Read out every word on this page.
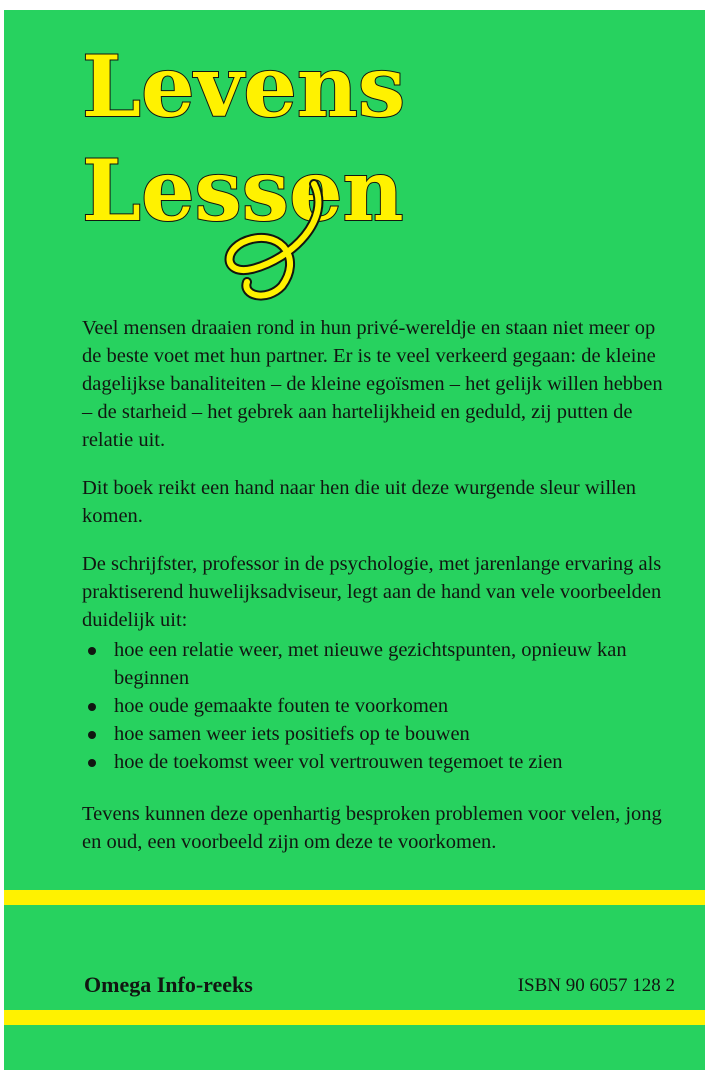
Levens
Lessen

Veel mensen draaien rond in hun privé-wereldje en staan niet meer op de beste voet met hun partner. Er is te veel verkeerd gegaan: de kleine dagelijkse banaliteiten – de kleine egoïsmen – het gelijk willen hebben – de starheid – het gebrek aan hartelijkheid en geduld, zij putten de relatie uit.

Dit boek reikt een hand naar hen die uit deze wurgende sleur willen komen.

De schrijfster, professor in de psychologie, met jarenlange ervaring als praktiserend huwelijksadviseur, legt aan de hand van vele voorbeelden duidelijk uit:

hoe een relatie weer, met nieuwe gezichtspunten, opnieuw kan beginnen
hoe oude gemaakte fouten te voorkomen
hoe samen weer iets positiefs op te bouwen
hoe de toekomst weer vol vertrouwen tegemoet te zien

Tevens kunnen deze openhartig besproken problemen voor velen, jong en oud, een voorbeeld zijn om deze te voorkomen.

Omega Info-reeks	ISBN 90 6057 128 2
